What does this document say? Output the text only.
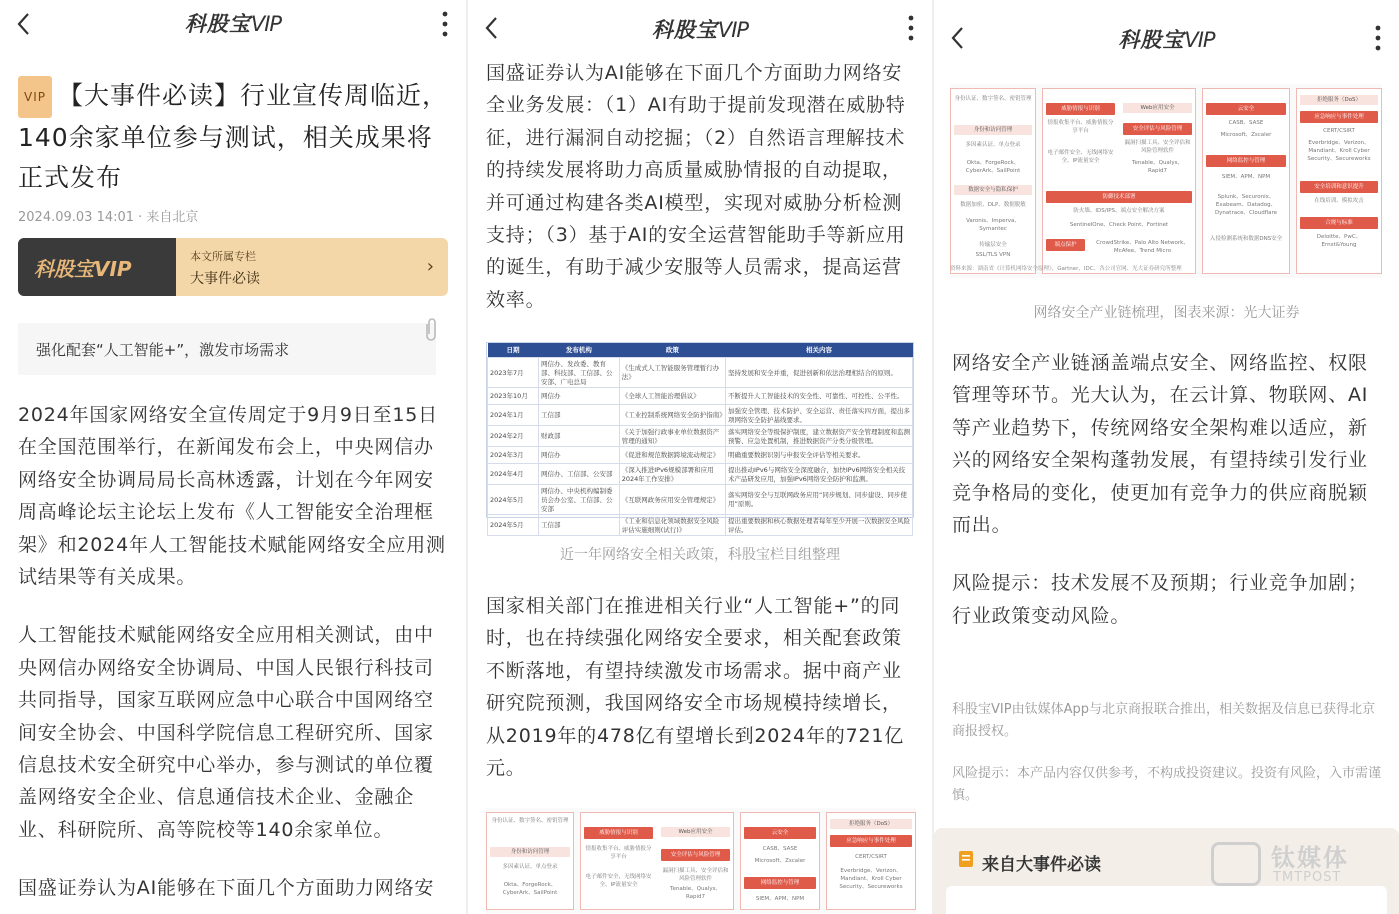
科股宝VIP
VIP 【大事件必读】行业宣传周临近，140余家单位参与测试，相关成果将正式发布
2024.09.03 14:01 · 来自北京
科股宝VIP	本文所属专栏
大事件必读
›
强化配套“人工智能+”，激发市场需求

2024年国家网络安全宣传周定于9月9日至15日在全国范围举行，在新闻发布会上，中央网信办网络安全协调局局长高林透露，计划在今年网安周高峰论坛主论坛上发布《人工智能安全治理框架》和2024年人工智能技术赋能网络安全应用测试结果等有关成果。

人工智能技术赋能网络安全应用相关测试，由中央网信办网络安全协调局、中国人民银行科技司共同指导，国家互联网应急中心联合中国网络空间安全协会、中国科学院信息工程研究所、国家信息技术安全研究中心举办，参与测试的单位覆盖网络安全企业、信息通信技术企业、金融企业、科研院所、高等院校等140余家单位。

国盛证券认为AI能够在下面几个方面助力网络安

科股宝VIP

国盛证券认为AI能够在下面几个方面助力网络安全业务发展：（1）AI有助于提前发现潜在威胁特征，进行漏洞自动挖掘；（2）自然语言理解技术的持续发展将助力高质量威胁情报的自动提取，并可通过构建各类AI模型，实现对威胁分析检测支持；（3）基于AI的安全运营智能助手等新应用的诞生，有助于减少安服等人员需求，提高运营效率。

日期	发布机构	政策	相关内容
2023年7月	网信办、发改委、教育部、科技部、工信部、公安部、广电总局	《生成式人工智能服务管理暂行办法》	坚持发展和安全并重，促进创新和依法治理相结合的原则。
2023年10月	网信办	《全球人工智能治理倡议》	不断提升人工智能技术的安全性、可靠性、可控性、公平性。
2024年1月	工信部	《工业控制系统网络安全防护指南》	加强安全管理、技术防护、安全运营、责任落实四方面，提出多项网络安全防护基线要求。
2024年2月	财政部	《关于加强行政事业单位数据资产管理的通知》	落实网络安全等级保护制度，建立数据资产安全管理制度和监测预警、应急处置机制，推进数据资产分类分级管理。
2024年3月	网信办	《促进和规范数据跨境流动规定》	明确重要数据识别与申报安全评估等相关要求。
2024年4月	网信办、工信部、公安部	《深入推进IPv6规模部署和应用2024年工作安排》	提出推动IPv6与网络安全深度融合，加快IPv6网络安全相关技术产品研发应用，加强IPv6网络安全防护和监测。
2024年5月	网信办、中央机构编制委员会办公室、工信部、公安部	《互联网政务应用安全管理规定》	落实网络安全与互联网政务应用“同步规划、同步建设、同步使用”原则。
2024年5月	工信部	《工业和信息化领域数据安全风险评估实施细则(试行)》	提出重要数据和核心数据处理者每年至少开展一次数据安全风险评估。
近一年网络安全相关政策，科股宝栏目组整理

国家相关部门在推进相关行业“人工智能+”的同时，也在持续强化网络安全要求，相关配套政策不断落地，有望持续激发市场需求。据中商产业研究院预测，我国网络安全市场规模持续增长，从2019年的478亿有望增长到2024年的721亿元。

身份认证、数字签名、密钥管理
身份和访问管理
多因素认证、单点登录
Okta、ForgeRock、CyberArk、SailPoint
威胁情报与识别
情报收集平台、威胁情报分享平台
Web应用安全
安全评估与风险管理
漏洞扫描工具、安全评估和风险管理软件
Tenable、Qualys、Rapid7
电子邮件安全、无线网络安全、IP流量安全
云安全
CASB、SASE
Microsoft、Zscaler
网络监控与管理
SIEM、APM、NPM
拒绝服务（DoS）
应急响应与事件处理
CERT/CSIRT
Everbridge、Verizon、Mandiant、Kroll Cyber Security、Secureworks
科股宝VIP
身份认证、数字签名、密钥管理
身份和访问管理
多因素认证、单点登录
Okta、ForgeRock、CyberArk、SailPoint
数据安全与隐私保护
数据加密、DLP、数据脱敏
Varonis、Imperva、Symantec
传输层安全
SSL/TLS VPN
威胁情报与识别
情报收集平台、威胁情报分享平台
电子邮件安全、无线网络安全、IP流量安全
Web应用安全
安全评估与风险管理
漏洞扫描工具、安全评估和风险管理软件
Tenable、Qualys、Rapid7
防御技术部署
防火墙、IDS/IPS、端点安全解决方案
SentinelOne、Check Point、Fortinet
端点保护	CrowdStrike、Palo Alto Network、McAfee、Trend Micro
云安全
CASB、SASE
Microsoft、Zscaler
网络监控与管理
SIEM、APM、NPM
Splunk、Securonix、Exabeam、Datadog、Dynatrace、Cloudflare
入侵检测系统和数据DNS安全
拒绝服务（DoS）
应急响应与事件处理
CERT/CSIRT
Everbridge、Verizon、Mandiant、Kroll Cyber Security、Secureworks
安全培训和意识提升
在线培训、模拟攻击
合规与标准
Deloitte、PwC、Ernst&Young
资料来源：湖南省《计算机网络安全原理》、Gartner、IDC、各公司官网、光大证券研究所整理
网络安全产业链梳理，图表来源：光大证券

网络安全产业链涵盖端点安全、网络监控、权限管理等环节。光大认为，在云计算、物联网、AI等产业趋势下，传统网络安全架构难以适应，新兴的网络安全架构蓬勃发展，有望持续引发行业竞争格局的变化，使更加有竞争力的供应商脱颖而出。

风险提示：技术发展不及预期；行业竞争加剧；行业政策变动风险。

科股宝VIP由钛媒体App与北京商报联合推出，相关数据及信息已获得北京商报授权。
风险提示：本产品内容仅供参考，不构成投资建议。投资有风险，入市需谨慎。
来自大事件必读	钛媒体
TMTPOST
